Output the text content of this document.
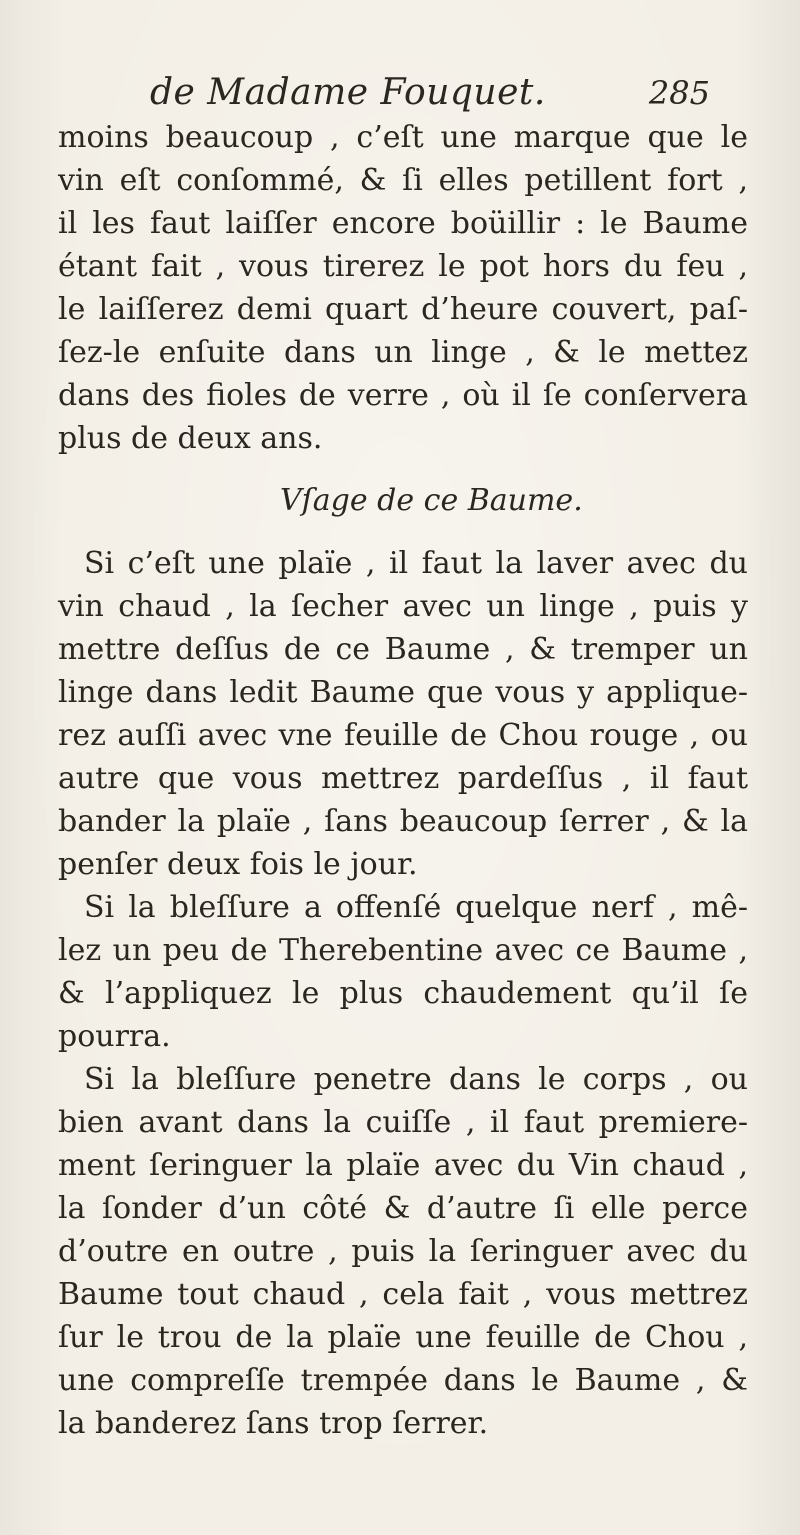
de Madame Fouquet.	285
moins beaucoup , c’eſt une marque que le
vin eſt conſommé, & ſi elles petillent fort ,
il les faut laiſſer encore boüillir : le Baume
étant fait , vous tirerez le pot hors du feu ,
le laiſſerez demi quart d’heure couvert, paſ-
ſez-le enſuite dans un linge , & le mettez
dans des fioles de verre , où il ſe conſervera
plus de deux ans.
Vſage de ce Baume.
Si c’eſt une plaïe , il faut la laver avec du
vin chaud , la ſecher avec un linge , puis y
mettre deſſus de ce Baume , & tremper un
linge dans ledit Baume que vous y applique-
rez auſſi avec vne feuille de Chou rouge , ou
autre que vous mettrez pardeſſus , il faut
bander la plaïe , ſans beaucoup ſerrer , & la
penſer deux fois le jour.
Si la bleſſure a offenſé quelque nerf , mê-
lez un peu de Therebentine avec ce Baume ,
& l’appliquez le plus chaudement qu’il ſe
pourra.
Si la bleſſure penetre dans le corps , ou
bien avant dans la cuiſſe , il faut premiere-
ment ſeringuer la plaïe avec du Vin chaud ,
la ſonder d’un côté & d’autre ſi elle perce
d’outre en outre , puis la ſeringuer avec du
Baume tout chaud , cela fait , vous mettrez
ſur le trou de la plaïe une feuille de Chou ,
une compreſſe trempée dans le Baume , &
la banderez ſans trop ſerrer.
